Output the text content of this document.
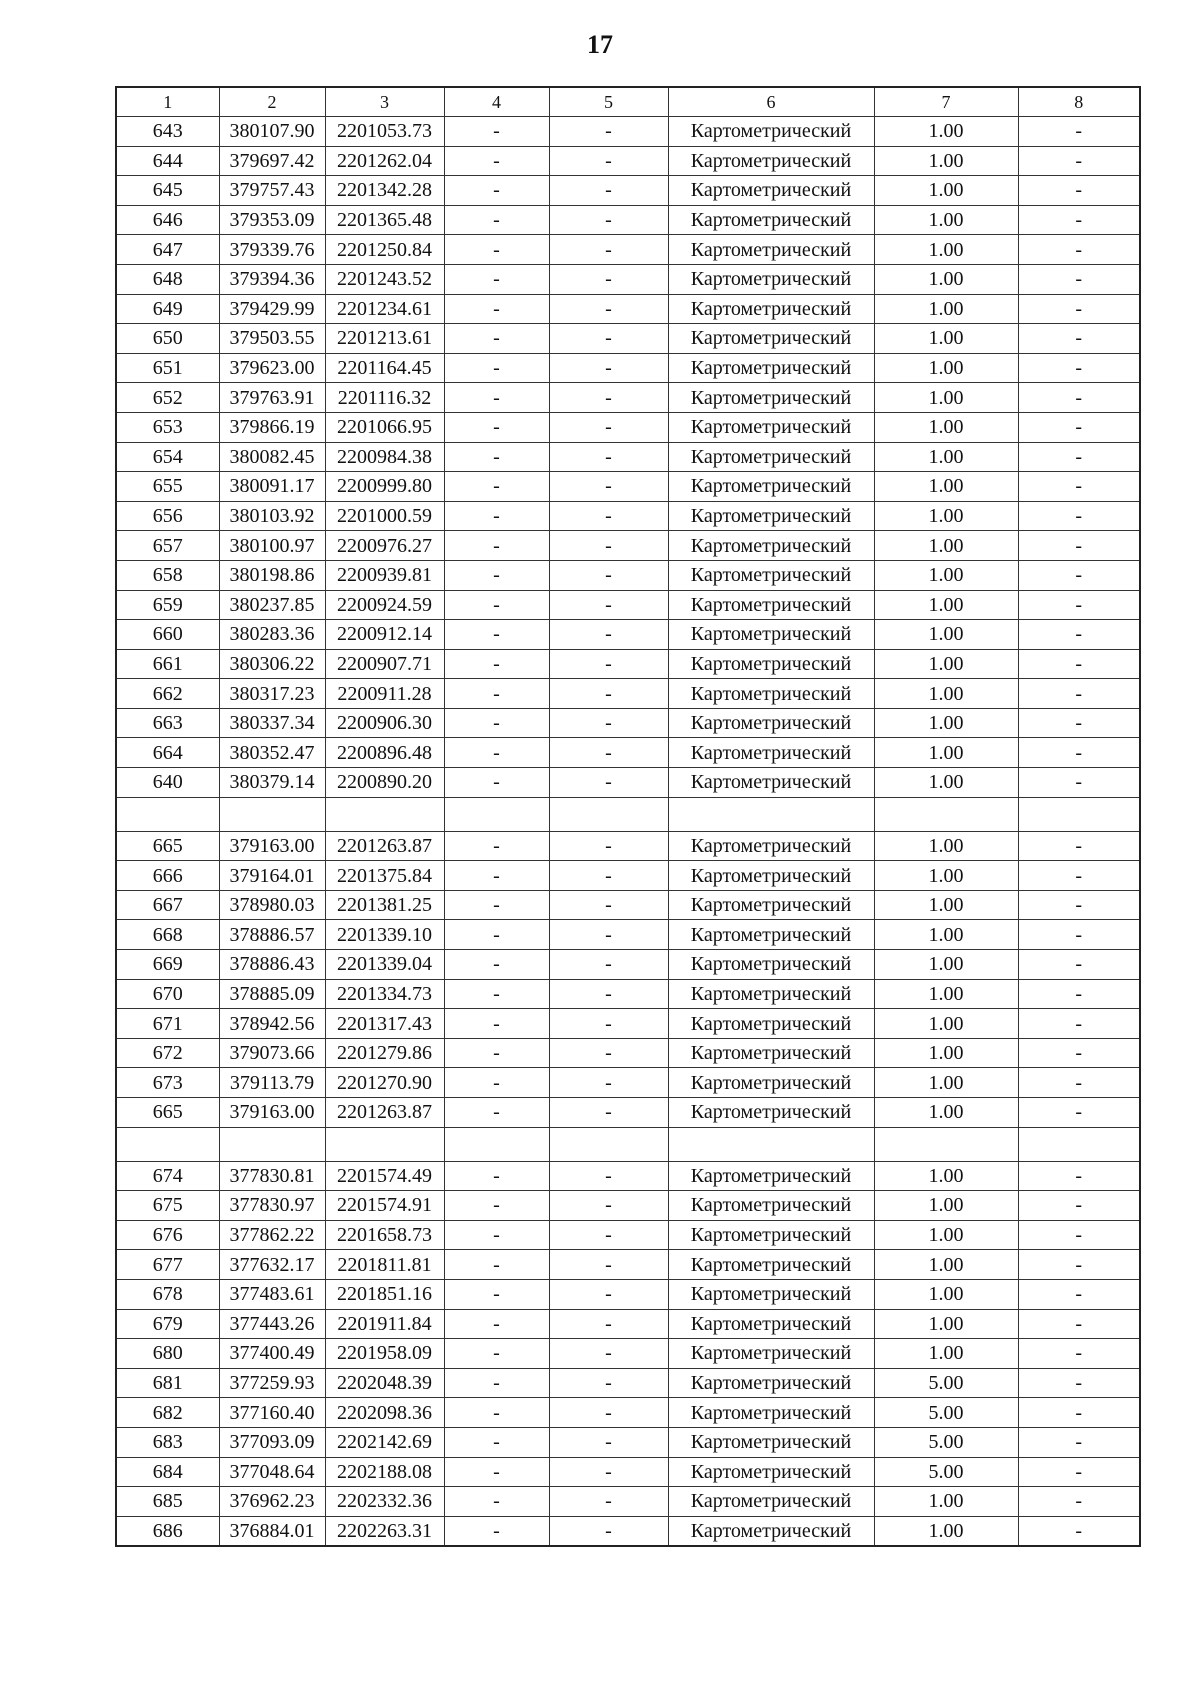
17
1	2	3	4	5	6	7	8
643	380107.90	2201053.73	-	-	Картометрический	1.00	-
644	379697.42	2201262.04	-	-	Картометрический	1.00	-
645	379757.43	2201342.28	-	-	Картометрический	1.00	-
646	379353.09	2201365.48	-	-	Картометрический	1.00	-
647	379339.76	2201250.84	-	-	Картометрический	1.00	-
648	379394.36	2201243.52	-	-	Картометрический	1.00	-
649	379429.99	2201234.61	-	-	Картометрический	1.00	-
650	379503.55	2201213.61	-	-	Картометрический	1.00	-
651	379623.00	2201164.45	-	-	Картометрический	1.00	-
652	379763.91	2201116.32	-	-	Картометрический	1.00	-
653	379866.19	2201066.95	-	-	Картометрический	1.00	-
654	380082.45	2200984.38	-	-	Картометрический	1.00	-
655	380091.17	2200999.80	-	-	Картометрический	1.00	-
656	380103.92	2201000.59	-	-	Картометрический	1.00	-
657	380100.97	2200976.27	-	-	Картометрический	1.00	-
658	380198.86	2200939.81	-	-	Картометрический	1.00	-
659	380237.85	2200924.59	-	-	Картометрический	1.00	-
660	380283.36	2200912.14	-	-	Картометрический	1.00	-
661	380306.22	2200907.71	-	-	Картометрический	1.00	-
662	380317.23	2200911.28	-	-	Картометрический	1.00	-
663	380337.34	2200906.30	-	-	Картометрический	1.00	-
664	380352.47	2200896.48	-	-	Картометрический	1.00	-
640	380379.14	2200890.20	-	-	Картометрический	1.00	-

665	379163.00	2201263.87	-	-	Картометрический	1.00	-
666	379164.01	2201375.84	-	-	Картометрический	1.00	-
667	378980.03	2201381.25	-	-	Картометрический	1.00	-
668	378886.57	2201339.10	-	-	Картометрический	1.00	-
669	378886.43	2201339.04	-	-	Картометрический	1.00	-
670	378885.09	2201334.73	-	-	Картометрический	1.00	-
671	378942.56	2201317.43	-	-	Картометрический	1.00	-
672	379073.66	2201279.86	-	-	Картометрический	1.00	-
673	379113.79	2201270.90	-	-	Картометрический	1.00	-
665	379163.00	2201263.87	-	-	Картометрический	1.00	-

674	377830.81	2201574.49	-	-	Картометрический	1.00	-
675	377830.97	2201574.91	-	-	Картометрический	1.00	-
676	377862.22	2201658.73	-	-	Картометрический	1.00	-
677	377632.17	2201811.81	-	-	Картометрический	1.00	-
678	377483.61	2201851.16	-	-	Картометрический	1.00	-
679	377443.26	2201911.84	-	-	Картометрический	1.00	-
680	377400.49	2201958.09	-	-	Картометрический	1.00	-
681	377259.93	2202048.39	-	-	Картометрический	5.00	-
682	377160.40	2202098.36	-	-	Картометрический	5.00	-
683	377093.09	2202142.69	-	-	Картометрический	5.00	-
684	377048.64	2202188.08	-	-	Картометрический	5.00	-
685	376962.23	2202332.36	-	-	Картометрический	1.00	-
686	376884.01	2202263.31	-	-	Картометрический	1.00	-
